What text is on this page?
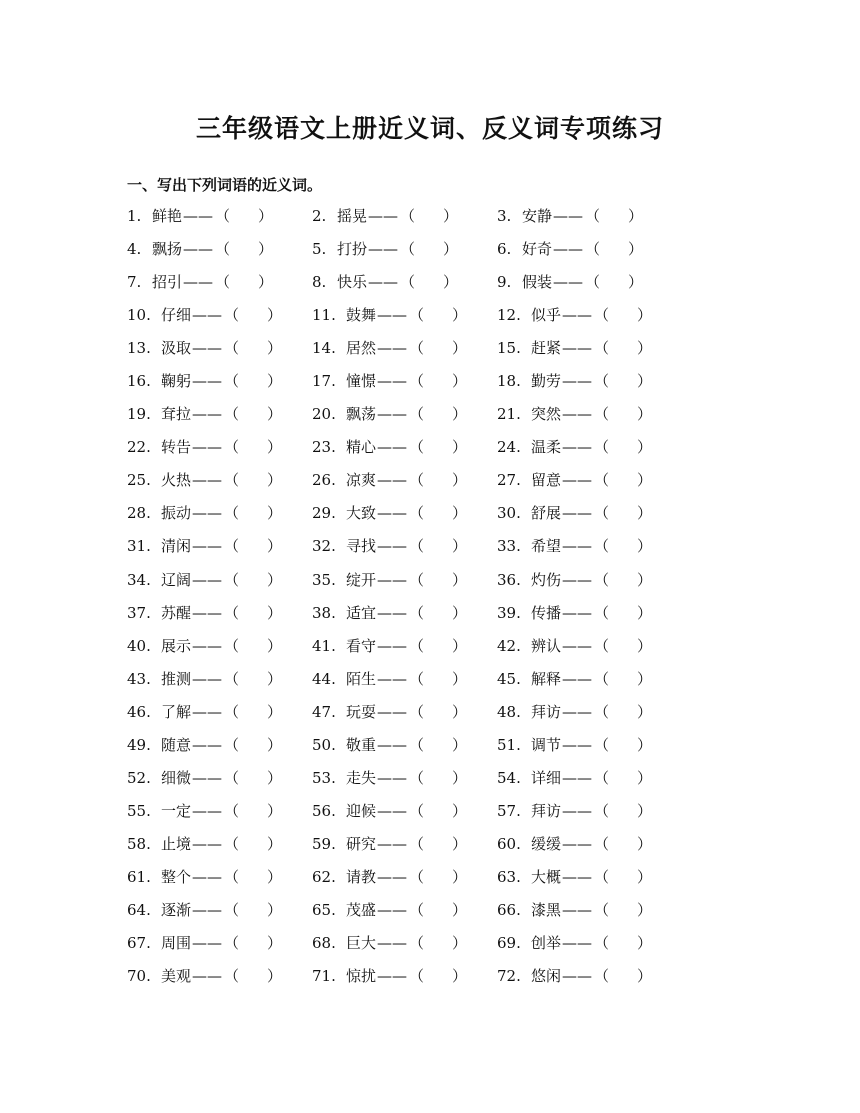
三年级语文上册近义词、反义词专项练习
一、写出下列词语的近义词。
1. 鲜艳 —— （ ）	2. 摇晃 —— （ ）	3. 安静 —— （ ）
4. 飘扬 —— （ ）	5. 打扮 —— （ ）	6. 好奇 —— （ ）
7. 招引 —— （ ）	8. 快乐 —— （ ）	9. 假装 —— （ ）
10. 仔细 —— （ ） 11. 鼓舞 —— （ ） 12. 似乎 —— （ ）
13. 汲取 —— （ ） 14. 居然 —— （ ） 15. 赶紧 —— （ ）
16. 鞠躬 —— （ ） 17. 憧憬 —— （ ） 18. 勤劳 —— （ ）
19. 耷拉 —— （ ） 20. 飘荡 —— （ ） 21. 突然 —— （ ）
22. 转告 —— （ ） 23. 精心 —— （ ） 24. 温柔 —— （ ）
25. 火热 —— （ ） 26. 凉爽 —— （ ） 27. 留意 —— （ ）
28. 振动 —— （ ） 29. 大致 —— （ ） 30. 舒展 —— （ ）
31. 清闲 —— （ ） 32. 寻找 —— （ ） 33. 希望 —— （ ）
34. 辽阔 —— （ ） 35. 绽开 —— （ ） 36. 灼伤 —— （ ）
37. 苏醒 —— （ ） 38. 适宜 —— （ ） 39. 传播 —— （ ）
40. 展示 —— （ ） 41. 看守 —— （ ） 42. 辨认 —— （ ）
43. 推测 —— （ ） 44. 陌生 —— （ ） 45. 解释 —— （ ）
46. 了解 —— （ ） 47. 玩耍 —— （ ） 48. 拜访 —— （ ）
49. 随意 —— （ ） 50. 敬重 —— （ ） 51. 调节 —— （ ）
52. 细微 —— （ ） 53. 走失 —— （ ） 54. 详细 —— （ ）
55. 一定 —— （ ） 56. 迎候 —— （ ） 57. 拜访 —— （ ）
58. 止境 —— （ ） 59. 研究 —— （ ） 60. 缓缓 —— （ ）
61. 整个 —— （ ） 62. 请教 —— （ ） 63. 大概 —— （ ）
64. 逐渐 —— （ ） 65. 茂盛 —— （ ） 66. 漆黑 —— （ ）
67. 周围 —— （ ） 68. 巨大 —— （ ） 69. 创举 —— （ ）
70. 美观 —— （ ） 71. 惊扰 —— （ ） 72. 悠闲 —— （ ）
